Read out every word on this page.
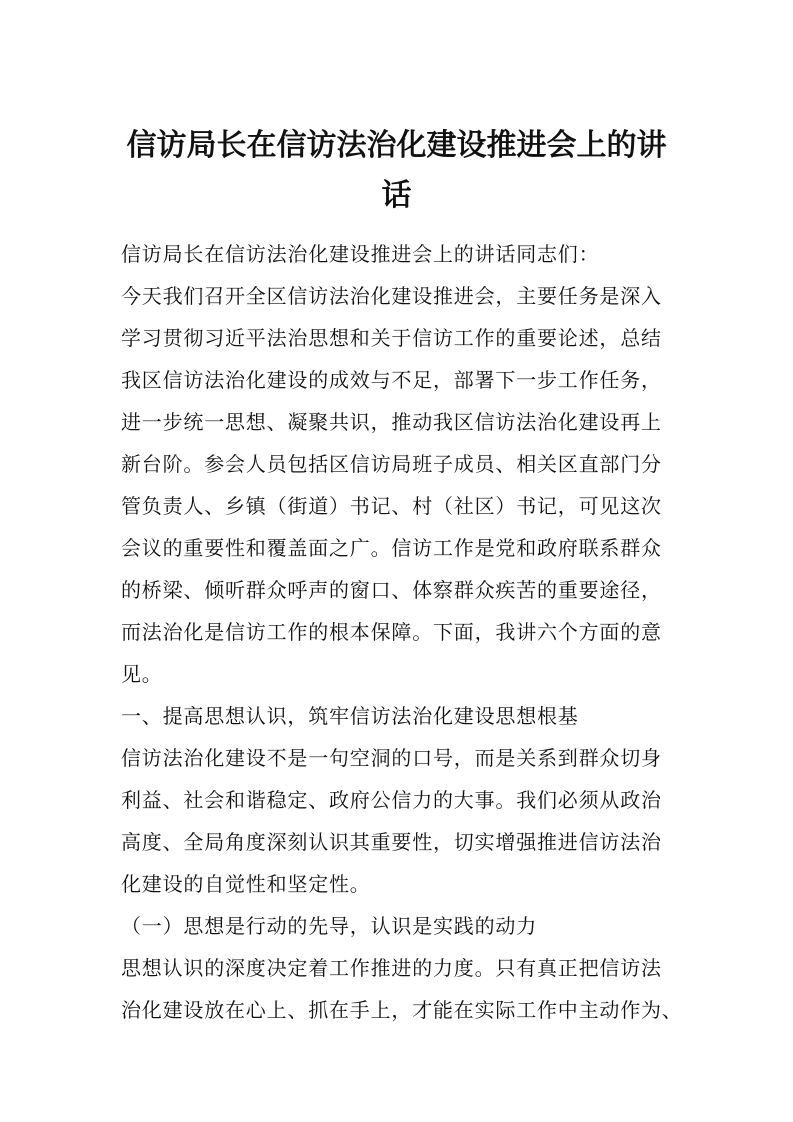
信访局长在信访法治化建设推进会上的讲
话

信访局长在信访法治化建设推进会上的讲话同志们：

今天我们召开全区信访法治化建设推进会，主要任务是深入

学习贯彻习近平法治思想和关于信访工作的重要论述，总结

我区信访法治化建设的成效与不足，部署下一步工作任务，

进一步统一思想、凝聚共识，推动我区信访法治化建设再上

新台阶。参会人员包括区信访局班子成员、相关区直部门分

管负责人、乡镇（街道）书记、村（社区）书记，可见这次

会议的重要性和覆盖面之广。信访工作是党和政府联系群众

的桥梁、倾听群众呼声的窗口、体察群众疾苦的重要途径，

而法治化是信访工作的根本保障。下面，我讲六个方面的意

见。

一、提高思想认识，筑牢信访法治化建设思想根基

信访法治化建设不是一句空洞的口号，而是关系到群众切身

利益、社会和谐稳定、政府公信力的大事。我们必须从政治

高度、全局角度深刻认识其重要性，切实增强推进信访法治

化建设的自觉性和坚定性。

（一）思想是行动的先导，认识是实践的动力

思想认识的深度决定着工作推进的力度。只有真正把信访法

治化建设放在心上、抓在手上，才能在实际工作中主动作为、
